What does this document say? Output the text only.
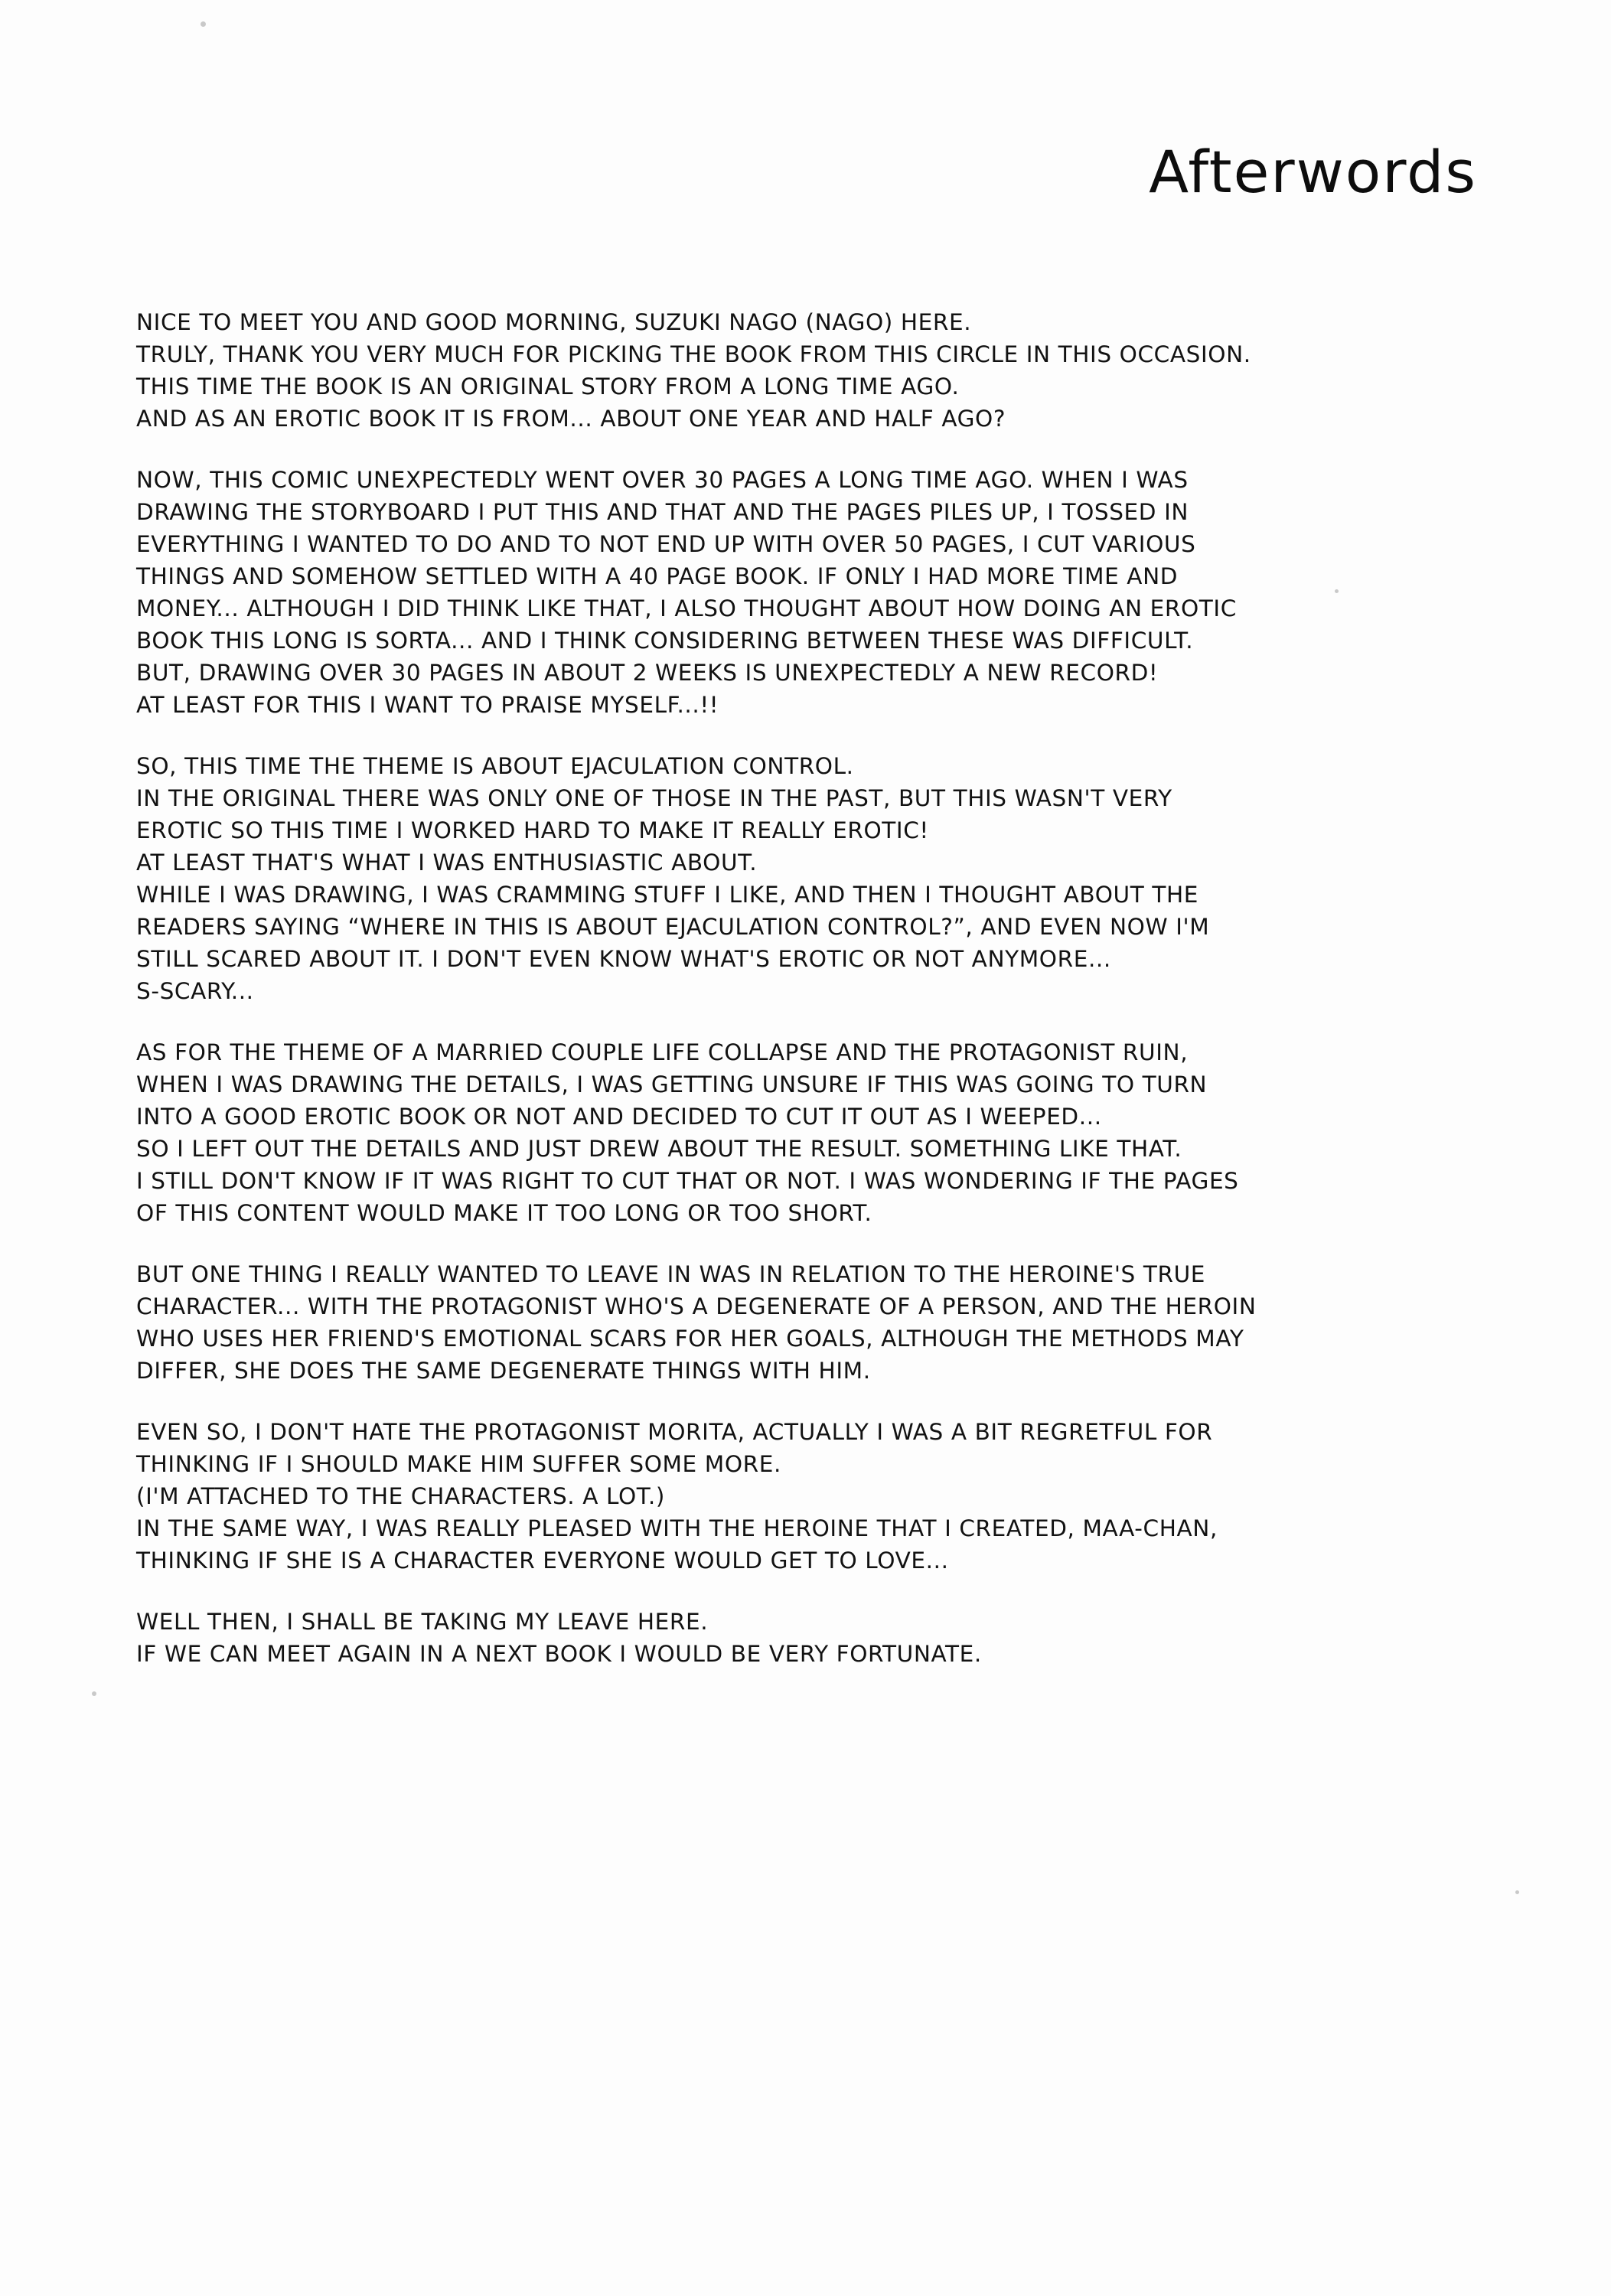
Afterwords

NICE TO MEET YOU AND GOOD MORNING, SUZUKI NAGO (NAGO) HERE.
TRULY, THANK YOU VERY MUCH FOR PICKING THE BOOK FROM THIS CIRCLE IN THIS OCCASION.
THIS TIME THE BOOK IS AN ORIGINAL STORY FROM A LONG TIME AGO.
AND AS AN EROTIC BOOK IT IS FROM... ABOUT ONE YEAR AND HALF AGO?

NOW, THIS COMIC UNEXPECTEDLY WENT OVER 30 PAGES A LONG TIME AGO. WHEN I WAS
DRAWING THE STORYBOARD I PUT THIS AND THAT AND THE PAGES PILES UP, I TOSSED IN
EVERYTHING I WANTED TO DO AND TO NOT END UP WITH OVER 50 PAGES, I CUT VARIOUS
THINGS AND SOMEHOW SETTLED WITH A 40 PAGE BOOK. IF ONLY I HAD MORE TIME AND
MONEY... ALTHOUGH I DID THINK LIKE THAT, I ALSO THOUGHT ABOUT HOW DOING AN EROTIC
BOOK THIS LONG IS SORTA... AND I THINK CONSIDERING BETWEEN THESE WAS DIFFICULT.
BUT, DRAWING OVER 30 PAGES IN ABOUT 2 WEEKS IS UNEXPECTEDLY A NEW RECORD!
AT LEAST FOR THIS I WANT TO PRAISE MYSELF...!!

SO, THIS TIME THE THEME IS ABOUT EJACULATION CONTROL.
IN THE ORIGINAL THERE WAS ONLY ONE OF THOSE IN THE PAST, BUT THIS WASN'T VERY
EROTIC SO THIS TIME I WORKED HARD TO MAKE IT REALLY EROTIC!
AT LEAST THAT'S WHAT I WAS ENTHUSIASTIC ABOUT.
WHILE I WAS DRAWING, I WAS CRAMMING STUFF I LIKE, AND THEN I THOUGHT ABOUT THE
READERS SAYING “WHERE IN THIS IS ABOUT EJACULATION CONTROL?”, AND EVEN NOW I'M
STILL SCARED ABOUT IT. I DON'T EVEN KNOW WHAT'S EROTIC OR NOT ANYMORE...
S-SCARY...

AS FOR THE THEME OF A MARRIED COUPLE LIFE COLLAPSE AND THE PROTAGONIST RUIN,
WHEN I WAS DRAWING THE DETAILS, I WAS GETTING UNSURE IF THIS WAS GOING TO TURN
INTO A GOOD EROTIC BOOK OR NOT AND DECIDED TO CUT IT OUT AS I WEEPED...
SO I LEFT OUT THE DETAILS AND JUST DREW ABOUT THE RESULT. SOMETHING LIKE THAT.
I STILL DON'T KNOW IF IT WAS RIGHT TO CUT THAT OR NOT. I WAS WONDERING IF THE PAGES
OF THIS CONTENT WOULD MAKE IT TOO LONG OR TOO SHORT.

BUT ONE THING I REALLY WANTED TO LEAVE IN WAS IN RELATION TO THE HEROINE'S TRUE
CHARACTER... WITH THE PROTAGONIST WHO'S A DEGENERATE OF A PERSON, AND THE HEROIN
WHO USES HER FRIEND'S EMOTIONAL SCARS FOR HER GOALS, ALTHOUGH THE METHODS MAY
DIFFER, SHE DOES THE SAME DEGENERATE THINGS WITH HIM.

EVEN SO, I DON'T HATE THE PROTAGONIST MORITA, ACTUALLY I WAS A BIT REGRETFUL FOR
THINKING IF I SHOULD MAKE HIM SUFFER SOME MORE.
(I'M ATTACHED TO THE CHARACTERS. A LOT.)
IN THE SAME WAY, I WAS REALLY PLEASED WITH THE HEROINE THAT I CREATED, MAA-CHAN,
THINKING IF SHE IS A CHARACTER EVERYONE WOULD GET TO LOVE...

WELL THEN, I SHALL BE TAKING MY LEAVE HERE.
IF WE CAN MEET AGAIN IN A NEXT BOOK I WOULD BE VERY FORTUNATE.
